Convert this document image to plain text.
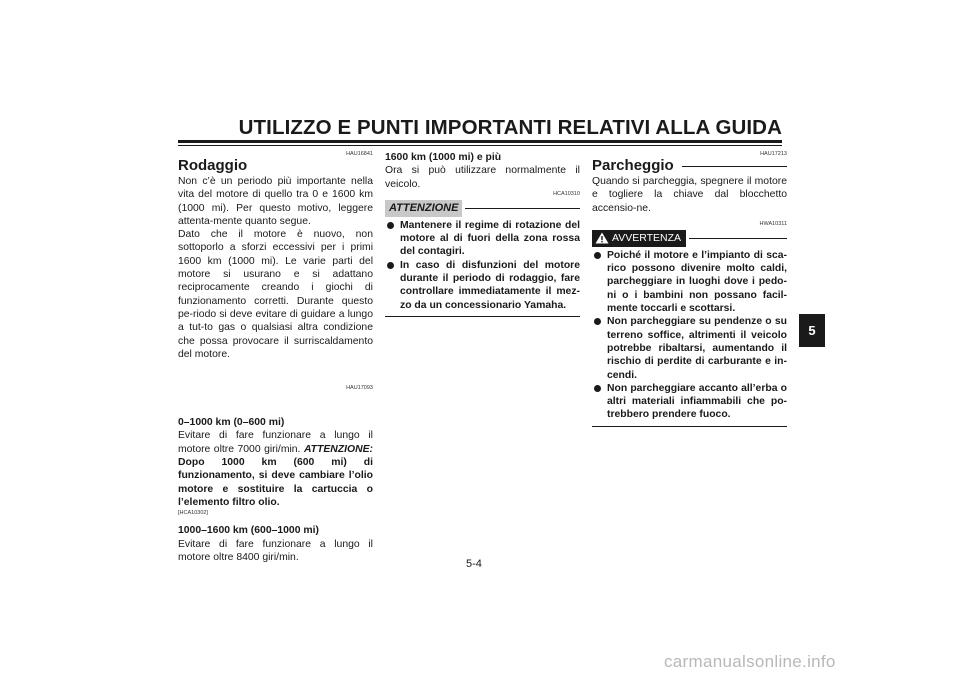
UTILIZZO E PUNTI IMPORTANTI RELATIVI ALLA GUIDA
5
HAU16841
Rodaggio

Non c’è un periodo più importante nella vita del motore di quello tra 0 e 1600 km (1000 mi). Per questo motivo, leggere attenta-mente quanto segue.

Dato che il motore è nuovo, non sottoporlo a sforzi eccessivi per i primi 1600 km (1000 mi). Le varie parti del motore si usurano e si adattano reciprocamente creando i giochi di funzionamento corretti. Durante questo pe-riodo si deve evitare di guidare a lungo a tut-to gas o qualsiasi altra condizione che possa provocare il surriscaldamento del motore.

HAU17093

0–1000 km (0–600 mi)

Evitare di fare funzionare a lungo il motore oltre 7000 giri/min. ATTENZIONE: Dopo 1000 km (600 mi) di funzionamento, si deve cambiare l’olio motore e sostituire la cartuccia o l’elemento filtro olio.

[HCA10302]

1000–1600 km (600–1000 mi)

Evitare di fare funzionare a lungo il motore oltre 8400 giri/min.

1600 km (1000 mi) e più

Ora si può utilizzare normalmente il veicolo.

HCA10310
ATTENZIONE
Mantenere il regime di rotazione del motore al di fuori della zona rossa del contagiri.
In caso di disfunzioni del motore durante il periodo di rodaggio, fare controllare immediatamente il mez-zo da un concessionario Yamaha.
HAU17213
Parcheggio

Quando si parcheggia, spegnere il motore e togliere la chiave dal blocchetto accensio-ne.

HWA10311
AVVERTENZA
Poiché il motore e l’impianto di sca-rico possono divenire molto caldi, parcheggiare in luoghi dove i pedo-ni o i bambini non possano facil-mente toccarli e scottarsi.
Non parcheggiare su pendenze o su terreno soffice, altrimenti il veicolo potrebbe ribaltarsi, aumentando il rischio di perdite di carburante e in-cendi.
Non parcheggiare accanto all’erba o altri materiali infiammabili che po-trebbero prendere fuoco.
5-4
carmanualsonline.info
